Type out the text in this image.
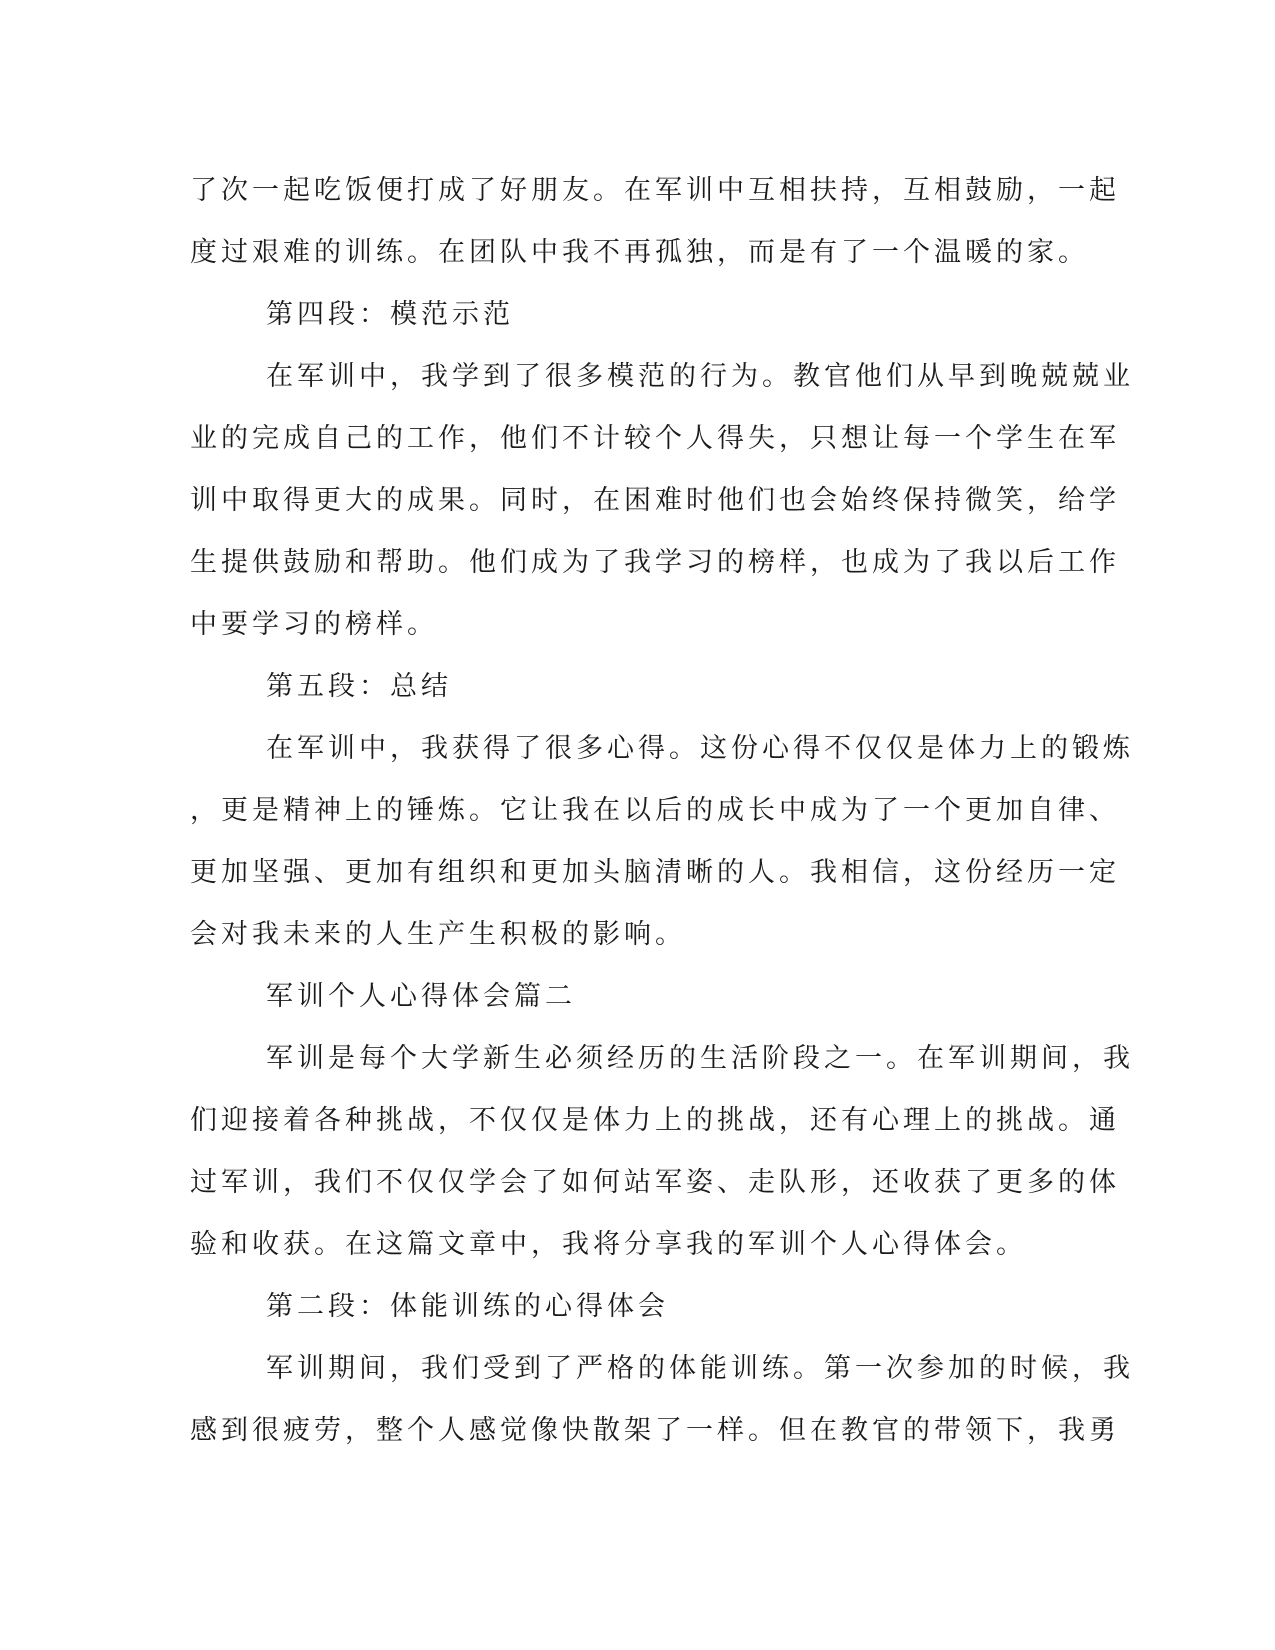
了次一起吃饭便打成了好朋友。在军训中互相扶持，互相鼓励，一起
度过艰难的训练。在团队中我不再孤独，而是有了一个温暖的家。
第四段：模范示范
在军训中，我学到了很多模范的行为。教官他们从早到晚兢兢业
业的完成自己的工作，他们不计较个人得失，只想让每一个学生在军
训中取得更大的成果。同时，在困难时他们也会始终保持微笑，给学
生提供鼓励和帮助。他们成为了我学习的榜样，也成为了我以后工作
中要学习的榜样。
第五段：总结
在军训中，我获得了很多心得。这份心得不仅仅是体力上的锻炼
，更是精神上的锤炼。它让我在以后的成长中成为了一个更加自律、
更加坚强、更加有组织和更加头脑清晰的人。我相信，这份经历一定
会对我未来的人生产生积极的影响。
军训个人心得体会篇二
军训是每个大学新生必须经历的生活阶段之一。在军训期间，我
们迎接着各种挑战，不仅仅是体力上的挑战，还有心理上的挑战。通
过军训，我们不仅仅学会了如何站军姿、走队形，还收获了更多的体
验和收获。在这篇文章中，我将分享我的军训个人心得体会。
第二段：体能训练的心得体会
军训期间，我们受到了严格的体能训练。第一次参加的时候，我
感到很疲劳，整个人感觉像快散架了一样。但在教官的带领下，我勇
